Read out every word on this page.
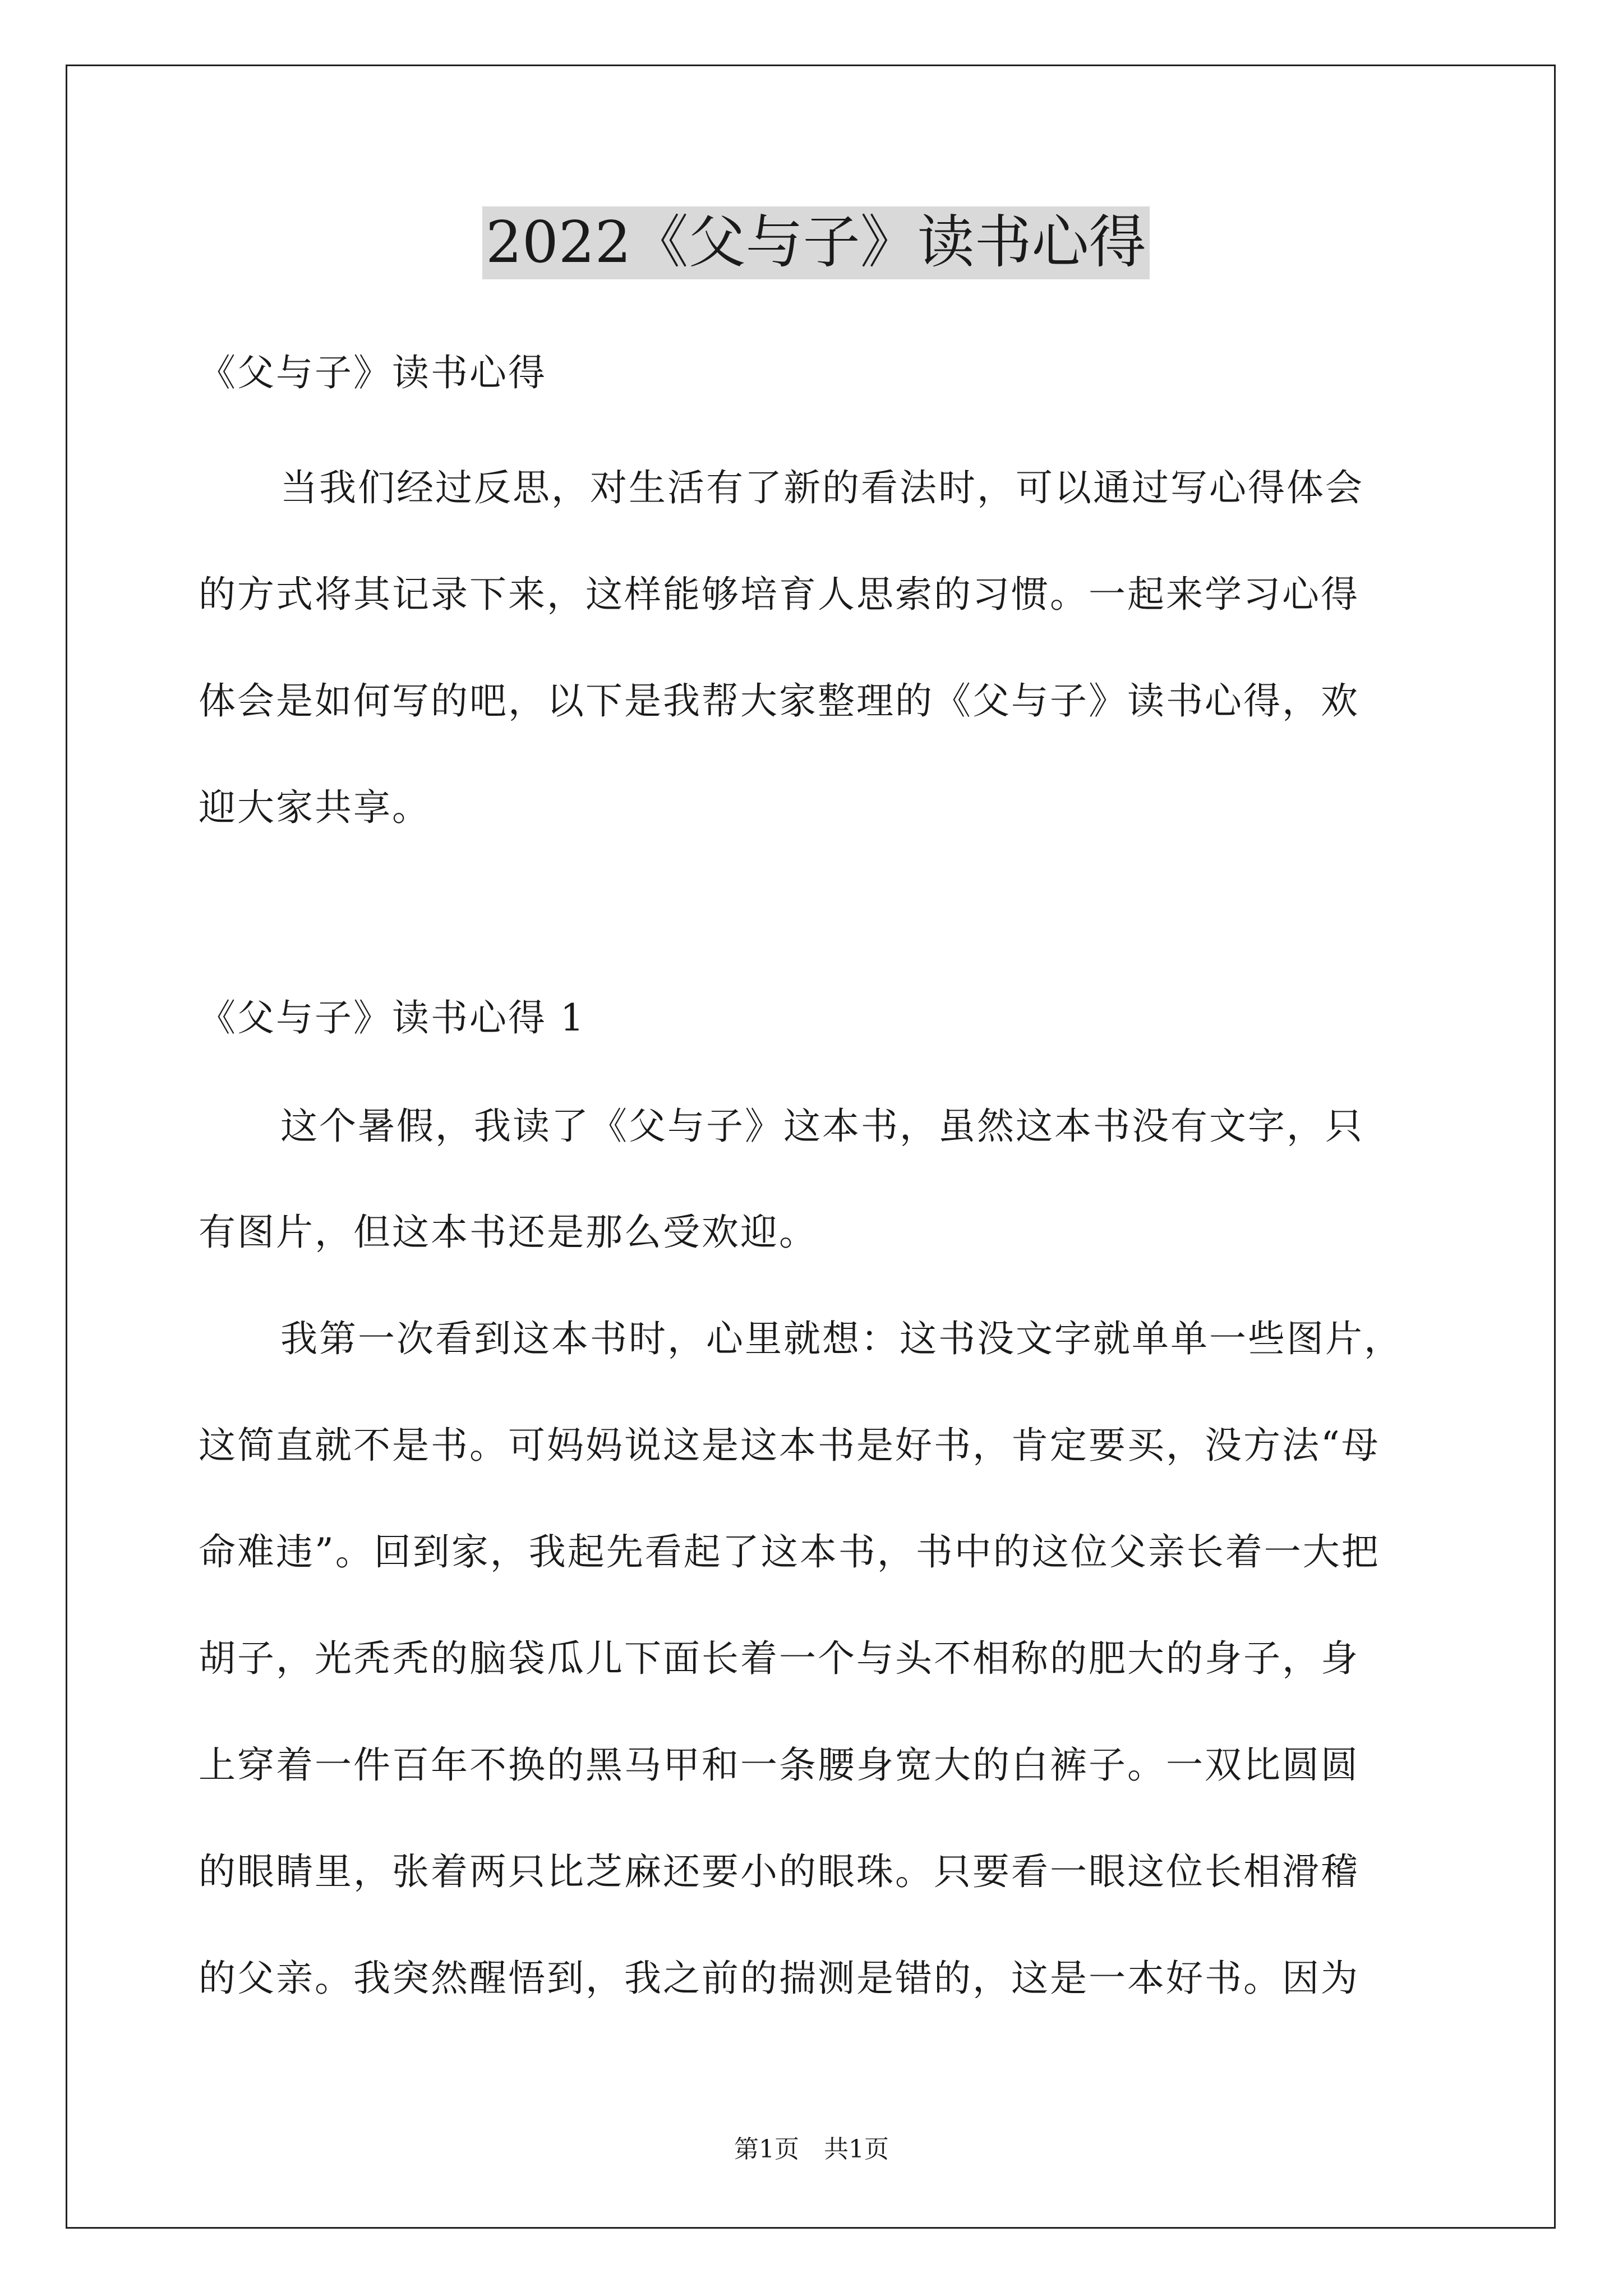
2022《父与子》读书心得
《父与子》读书心得
当我们经过反思，对生活有了新的看法时，可以通过写心得体会
的方式将其记录下来，这样能够培育人思索的习惯。一起来学习心得
体会是如何写的吧，以下是我帮大家整理的《父与子》读书心得，欢
迎大家共享。
《父与子》读书心得 1
这个暑假，我读了《父与子》这本书，虽然这本书没有文字，只
有图片，但这本书还是那么受欢迎。
我第一次看到这本书时，心里就想：这书没文字就单单一些图片，
这简直就不是书。可妈妈说这是这本书是好书，肯定要买，没方法“母
命难违”。回到家，我起先看起了这本书，书中的这位父亲长着一大把
胡子，光秃秃的脑袋瓜儿下面长着一个与头不相称的肥大的身子，身
上穿着一件百年不换的黑马甲和一条腰身宽大的白裤子。一双比圆圆
的眼睛里，张着两只比芝麻还要小的眼珠。只要看一眼这位长相滑稽
的父亲。我突然醒悟到，我之前的揣测是错的，这是一本好书。因为
第1页　共1页
